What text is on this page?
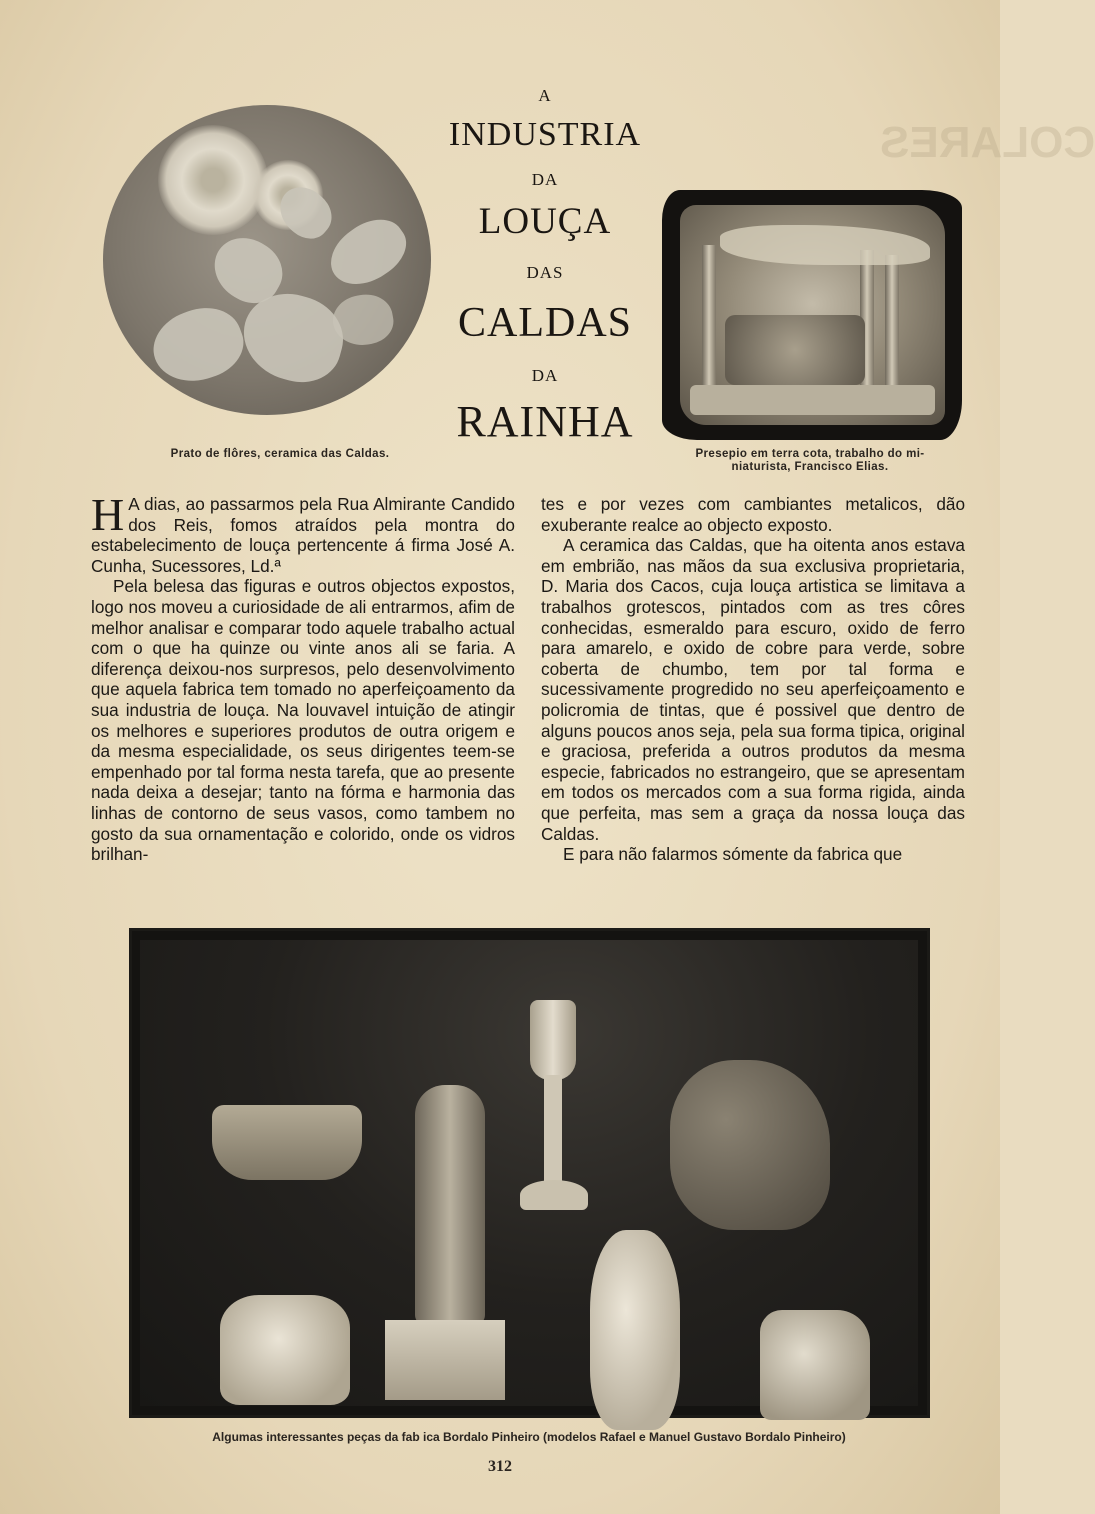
COLARES
Prato de flôres, ceramica das Caldas.
A
INDUSTRIA
DA
LOUÇA
DAS
CALDAS
DA
RAINHA
Presepio em terra cota, trabalho do mi-
niaturista, Francisco Elias.

H A dias, ao passarmos pela Rua Almirante Candido dos Reis, fomos atraídos pela montra do estabelecimento de louça pertencente á firma José A. Cunha, Sucessores, Ld.ª

Pela belesa das figuras e outros objectos expostos, logo nos moveu a curiosidade de ali entrarmos, afim de melhor analisar e comparar todo aquele trabalho actual com o que ha quinze ou vinte anos ali se faria. A diferença deixou-nos surpresos, pelo desenvolvimento que aquela fabrica tem tomado no aperfeiçoamento da sua industria de louça. Na louvavel intuição de atingir os melhores e superiores produtos de outra origem e da mesma especialidade, os seus dirigentes teem-se empenhado por tal forma nesta tarefa, que ao presente nada deixa a desejar; tanto na fórma e harmonia das linhas de contorno de seus vasos, como tambem no gosto da sua ornamentação e colorido, onde os vidros brilhan-

tes e por vezes com cambiantes metalicos, dão exuberante realce ao objecto exposto.

A ceramica das Caldas, que ha oitenta anos estava em embrião, nas mãos da sua exclusiva proprietaria, D. Maria dos Cacos, cuja louça artistica se limitava a trabalhos grotescos, pintados com as tres côres conhecidas, esmeraldo para escuro, oxido de ferro para amarelo, e oxido de cobre para verde, sobre coberta de chumbo, tem por tal forma e sucessivamente progredido no seu aperfeiçoamento e policromia de tintas, que é possivel que dentro de alguns poucos anos seja, pela sua forma tipica, original e graciosa, preferida a outros produtos da mesma especie, fabricados no estrangeiro, que se apresentam em todos os mercados com a sua forma rigida, ainda que perfeita, mas sem a graça da nossa louça das Caldas.

E para não falarmos sómente da fabrica que

Algumas interessantes peças da fab ica Bordalo Pinheiro (modelos Rafael e Manuel Gustavo Bordalo Pinheiro)
312
